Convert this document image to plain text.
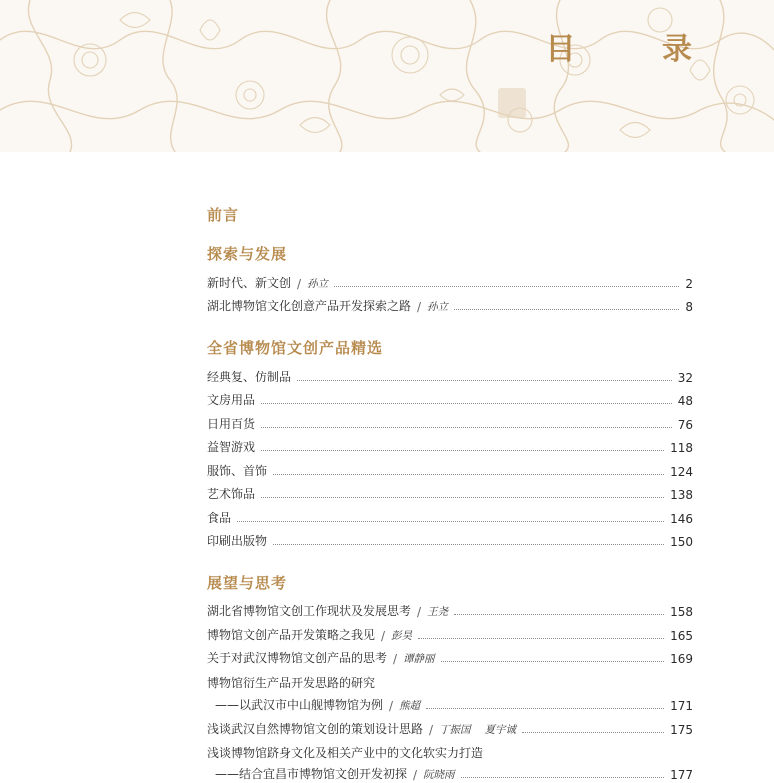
目 录
前言
探索与发展
新时代、新文创 / 孙立	2
湖北博物馆文化创意产品开发探索之路 / 孙立	8
全省博物馆文创产品精选
经典复、仿制品	32
文房用品	48
日用百货	76
益智游戏	118
服饰、首饰	124
艺术饰品	138
食品	146
印刷出版物	150
展望与思考
湖北省博物馆文创工作现状及发展思考 / 王尧	158
博物馆文创产品开发策略之我见 / 彭昊	165
关于对武汉博物馆文创产品的思考 / 谭静丽	169
博物馆衍生产品开发思路的研究
——以武汉市中山舰博物馆为例 / 熊超	171
浅谈武汉自然博物馆文创的策划设计思路 / 丁振国 夏宇诚	175
浅谈博物馆跻身文化及相关产业中的文化软实力打造
——结合宜昌市博物馆文创开发初探 / 阮晓雨	177
